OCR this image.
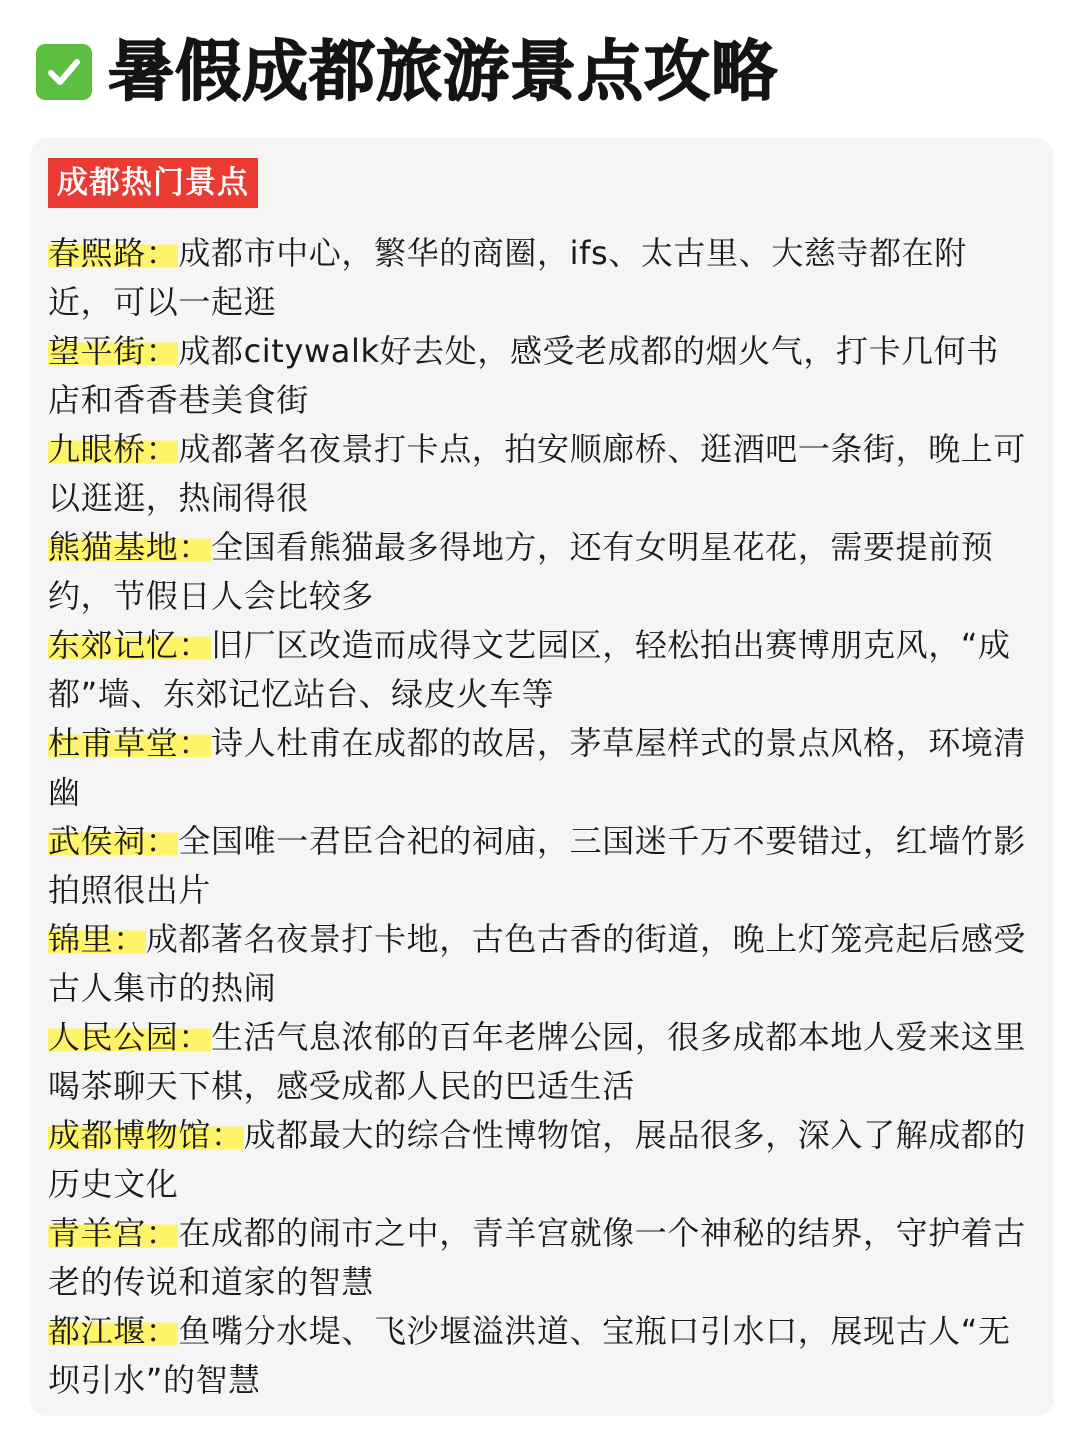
暑假成都旅游景点攻略
成都热门景点
春熙路：成都市中心，繁华的商圈，ifs、太古里、大慈寺都在附近，可以一起逛
望平街：成都citywalk好去处，感受老成都的烟火气，打卡几何书店和香香巷美食街
九眼桥：成都著名夜景打卡点，拍安顺廊桥、逛酒吧一条街，晚上可以逛逛，热闹得很
熊猫基地：全国看熊猫最多得地方，还有女明星花花，需要提前预约，节假日人会比较多
东郊记忆：旧厂区改造而成得文艺园区，轻松拍出赛博朋克风，“成都”墙、东郊记忆站台、绿皮火车等
杜甫草堂：诗人杜甫在成都的故居，茅草屋样式的景点风格，环境清幽
武侯祠：全国唯一君臣合祀的祠庙，三国迷千万不要错过，红墙竹影拍照很出片
锦里：成都著名夜景打卡地，古色古香的街道，晚上灯笼亮起后感受古人集市的热闹
人民公园：生活气息浓郁的百年老牌公园，很多成都本地人爱来这里喝茶聊天下棋，感受成都人民的巴适生活
成都博物馆：成都最大的综合性博物馆，展品很多，深入了解成都的历史文化
青羊宫：在成都的闹市之中，青羊宫就像一个神秘的结界，守护着古老的传说和道家的智慧
都江堰：鱼嘴分水堤、飞沙堰溢洪道、宝瓶口引水口，展现古人“无坝引水”的智慧
